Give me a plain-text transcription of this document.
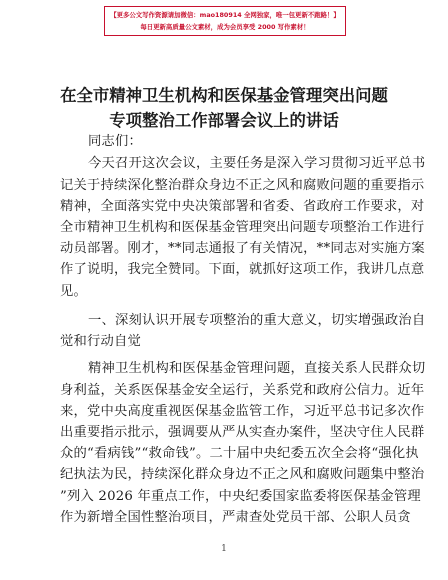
【更多公文写作资源请加微信：mao180914 全网独家，唯一包更新不跑路！】
每日更新高质量公文素材，成为会员享受 2000 写作素材！
在全市精神卫生机构和医保基金管理突出问题
专项整治工作部署会议上的讲话
同志们：
今天召开这次会议，主要任务是深入学习贯彻习近平总书
记关于持续深化整治群众身边不正之风和腐败问题的重要指示
精神，全面落实党中央决策部署和省委、省政府工作要求，对
全市精神卫生机构和医保基金管理突出问题专项整治工作进行
动员部署。刚才，**同志通报了有关情况，**同志对实施方案
作了说明，我完全赞同。下面，就抓好这项工作，我讲几点意
见。
一、深刻认识开展专项整治的重大意义，切实增强政治自
觉和行动自觉
精神卫生机构和医保基金管理问题，直接关系人民群众切
身利益，关系医保基金安全运行，关系党和政府公信力。近年
来，党中央高度重视医保基金监管工作，习近平总书记多次作
出重要指示批示，强调要从严从实查办案件，坚决守住人民群
众的“看病钱”“救命钱”。二十届中央纪委五次全会将“强化执
纪执法为民，持续深化群众身边不正之风和腐败问题集中整治
”列入 2026 年重点工作，中央纪委国家监委将医保基金管理
作为新增全国性整治项目，严肃查处党员干部、公职人员贪
1
